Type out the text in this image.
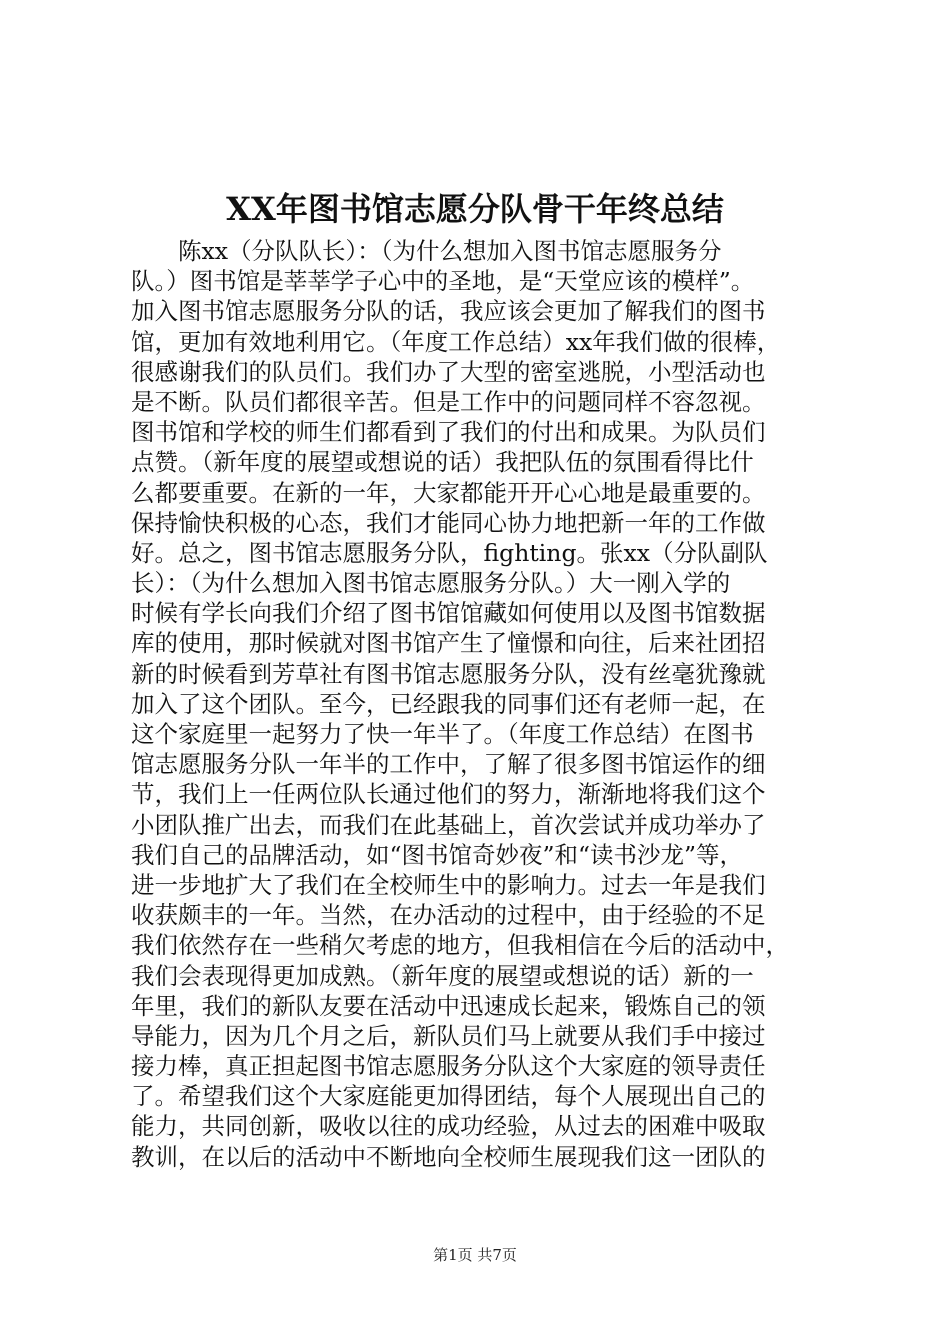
XX年图书馆志愿分队骨干年终总结
　　陈xx（分队队长）：（为什么想加入图书馆志愿服务分
队。）图书馆是莘莘学子心中的圣地，是“天堂应该的模样”。
加入图书馆志愿服务分队的话，我应该会更加了解我们的图书
馆，更加有效地利用它。（年度工作总结）xx年我们做的很棒，
很感谢我们的队员们。我们办了大型的密室逃脱，小型活动也
是不断。队员们都很辛苦。但是工作中的问题同样不容忽视。
图书馆和学校的师生们都看到了我们的付出和成果。为队员们
点赞。（新年度的展望或想说的话）我把队伍的氛围看得比什
么都要重要。在新的一年，大家都能开开心心地是最重要的。
保持愉快积极的心态，我们才能同心协力地把新一年的工作做
好。总之，图书馆志愿服务分队，fighting。张xx（分队副队
长）：（为什么想加入图书馆志愿服务分队。）大一刚入学的
时候有学长向我们介绍了图书馆馆藏如何使用以及图书馆数据
库的使用，那时候就对图书馆产生了憧憬和向往，后来社团招
新的时候看到芳草社有图书馆志愿服务分队，没有丝毫犹豫就
加入了这个团队。至今，已经跟我的同事们还有老师一起，在
这个家庭里一起努力了快一年半了。（年度工作总结）在图书
馆志愿服务分队一年半的工作中，了解了很多图书馆运作的细
节，我们上一任两位队长通过他们的努力，渐渐地将我们这个
小团队推广出去，而我们在此基础上，首次尝试并成功举办了
我们自己的品牌活动，如“图书馆奇妙夜”和“读书沙龙”等，
进一步地扩大了我们在全校师生中的影响力。过去一年是我们
收获颇丰的一年。当然，在办活动的过程中，由于经验的不足
我们依然存在一些稍欠考虑的地方，但我相信在今后的活动中，
我们会表现得更加成熟。（新年度的展望或想说的话）新的一
年里，我们的新队友要在活动中迅速成长起来，锻炼自己的领
导能力，因为几个月之后，新队员们马上就要从我们手中接过
接力棒，真正担起图书馆志愿服务分队这个大家庭的领导责任
了。希望我们这个大家庭能更加得团结，每个人展现出自己的
能力，共同创新，吸收以往的成功经验，从过去的困难中吸取
教训，在以后的活动中不断地向全校师生展现我们这一团队的
第1页 共7页
